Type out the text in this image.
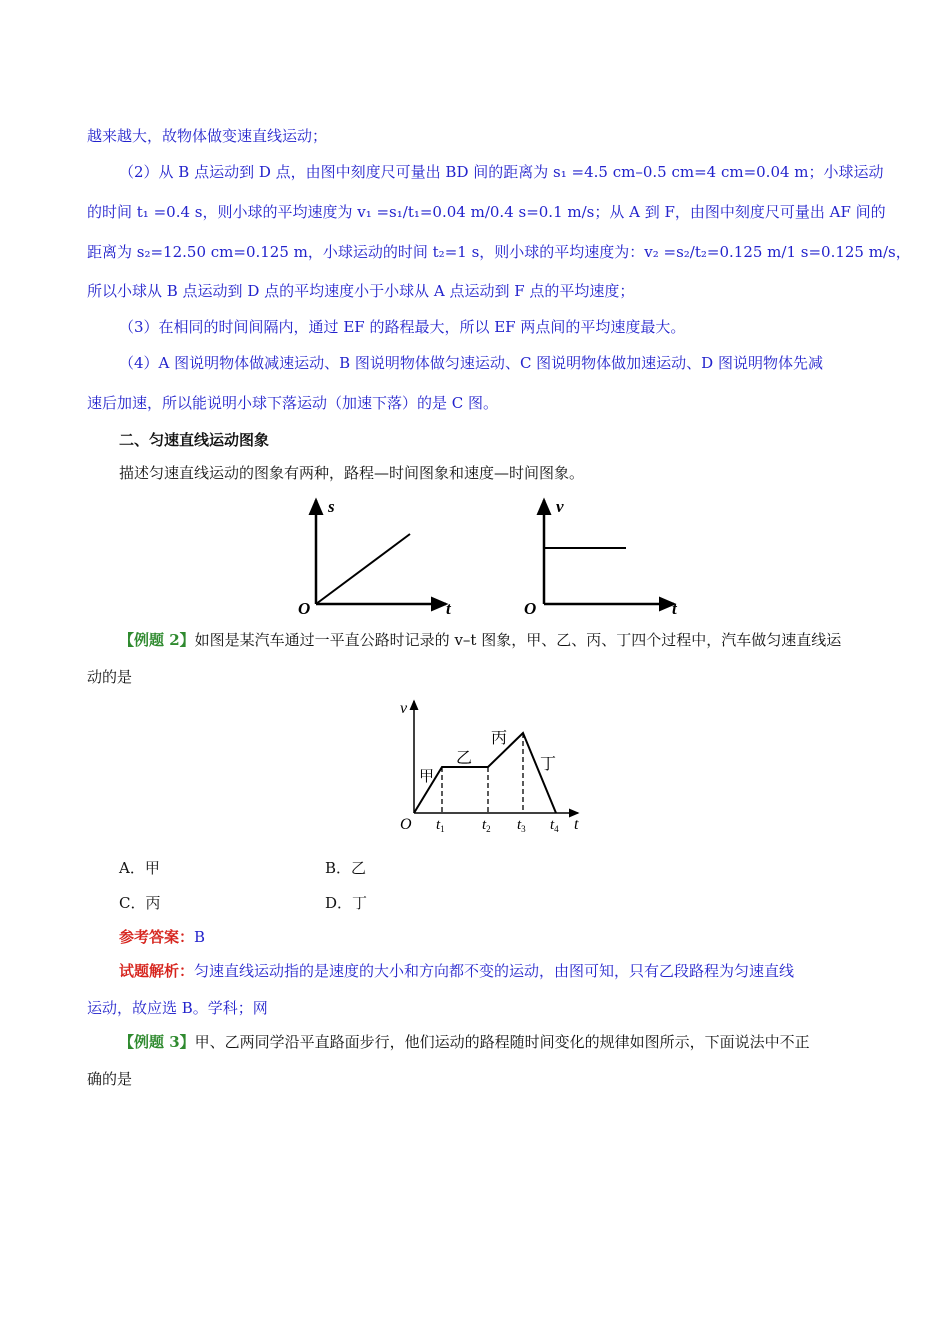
越来越大，故物体做变速直线运动；
（2）从 B 点运动到 D 点，由图中刻度尺可量出 BD 间的距离为 s₁ =4.5 cm–0.5 cm=4 cm=0.04 m；小球运动
的时间 t₁ =0.4 s，则小球的平均速度为 v₁ =s₁/t₁=0.04 m/0.4 s=0.1 m/s；从 A 到 F，由图中刻度尺可量出 AF 间的
距离为 s₂=12.50 cm=0.125 m，小球运动的时间 t₂=1 s，则小球的平均速度为：v₂ =s₂/t₂=0.125 m/1 s=0.125 m/s，
所以小球从 B 点运动到 D 点的平均速度小于小球从 A 点运动到 F 点的平均速度；
（3）在相同的时间间隔内，通过 EF 的路程最大，所以 EF 两点间的平均速度最大。
（4）A 图说明物体做减速运动、B 图说明物体做匀速运动、C 图说明物体做加速运动、D 图说明物体先减
速后加速，所以能说明小球下落运动（加速下落）的是 C 图。
二、匀速直线运动图象
描述匀速直线运动的图象有两种，路程—时间图象和速度—时间图象。
s
O	t
v
O	t
【例题 2】如图是某汽车通过一平直公路时记录的 v–t 图象，甲、乙、丙、丁四个过程中，汽车做匀速直线运
动的是
v
O	t
$t_1$ $t_2$ $t_3$ $t_4$
甲
乙
丙
丁
A．甲	B．乙
C．丙	D．丁
参考答案：B
试题解析：匀速直线运动指的是速度的大小和方向都不变的运动，由图可知，只有乙段路程为匀速直线
运动，故应选 B。学科；网
【例题 3】甲、乙两同学沿平直路面步行，他们运动的路程随时间变化的规律如图所示，下面说法中不正
确的是
